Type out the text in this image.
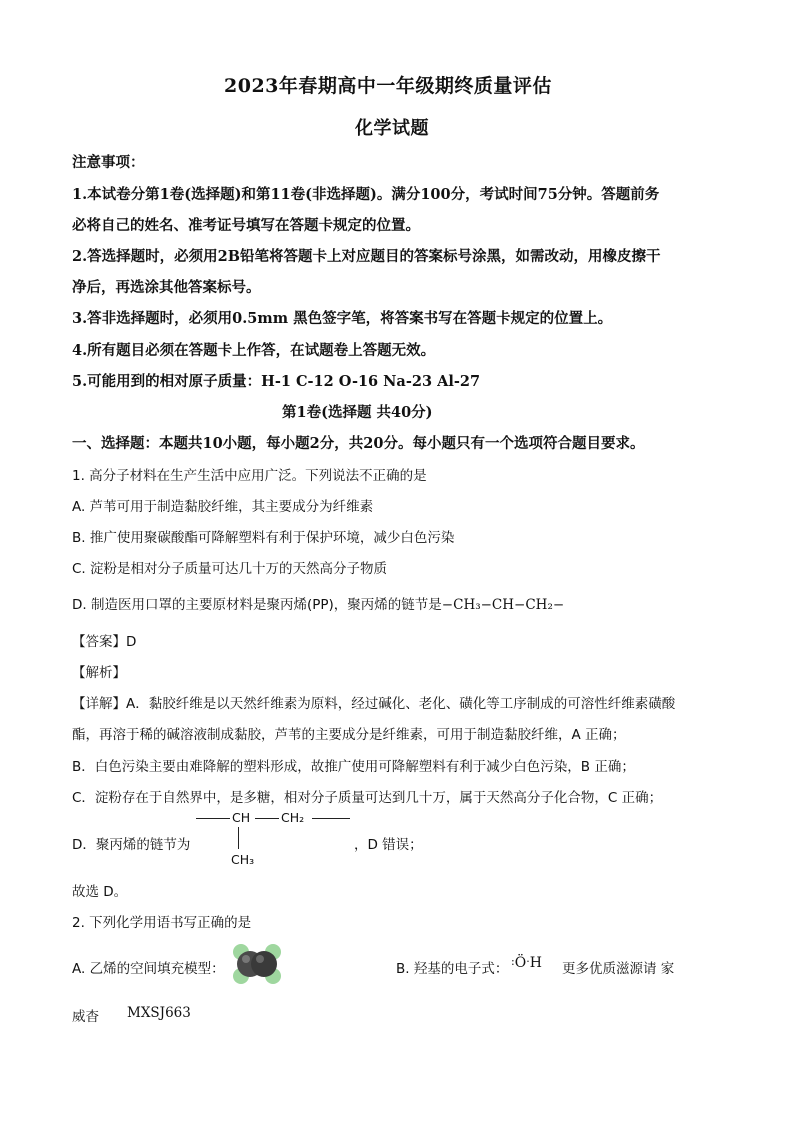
2023年春期高中一年级期终质量评估
化学试题
注意事项：
1.本试卷分第1卷(选择题)和第11卷(非选择题)。满分100分，考试时间75分钟。答题前务
必将自己的姓名、准考证号填写在答题卡规定的位置。
2.答选择题时，必须用2B铅笔将答题卡上对应题目的答案标号涂黑，如需改动，用橡皮擦干
净后，再选涂其他答案标号。
3.答非选择题时，必须用0.5mm 黑色签字笔，将答案书写在答题卡规定的位置上。
4.所有题目必须在答题卡上作答，在试题卷上答题无效。
5.可能用到的相对原子质量：H-1 C-12 O-16 Na-23 Al-27
第1卷(选择题 共40分)
一、选择题：本题共10小题，每小题2分，共20分。每小题只有一个选项符合题目要求。
1. 高分子材料在生产生活中应用广泛。下列说法不正确的是
A. 芦苇可用于制造黏胶纤维，其主要成分为纤维素
B. 推广使用聚碳酸酯可降解塑料有利于保护环境，减少白色污染
C. 淀粉是相对分子质量可达几十万的天然高分子物质
D. 制造医用口罩的主要原材料是聚丙烯(PP)，聚丙烯的链节是−CH₃−CH−CH₂−
【答案】D
【解析】
【详解】A．黏胶纤维是以天然纤维素为原料，经过碱化、老化、磺化等工序制成的可溶性纤维素磺酸
酯，再溶于稀的碱溶液制成黏胶，芦苇的主要成分是纤维素，可用于制造黏胶纤维，A 正确；
B．白色污染主要由难降解的塑料形成，故推广使用可降解塑料有利于减少白色污染，B 正确；
C．淀粉存在于自然界中，是多糖，相对分子质量可达到几十万，属于天然高分子化合物，C 正确；
D．聚丙烯的链节为
CH CH₂
CH₃
，D 错误；
故选 D。
2. 下列化学用语书写正确的是
A. 乙烯的空间填充模型：	B. 羟基的电子式： :Ö·H 更多优质滋源请 家
威杳 MXSJ663
